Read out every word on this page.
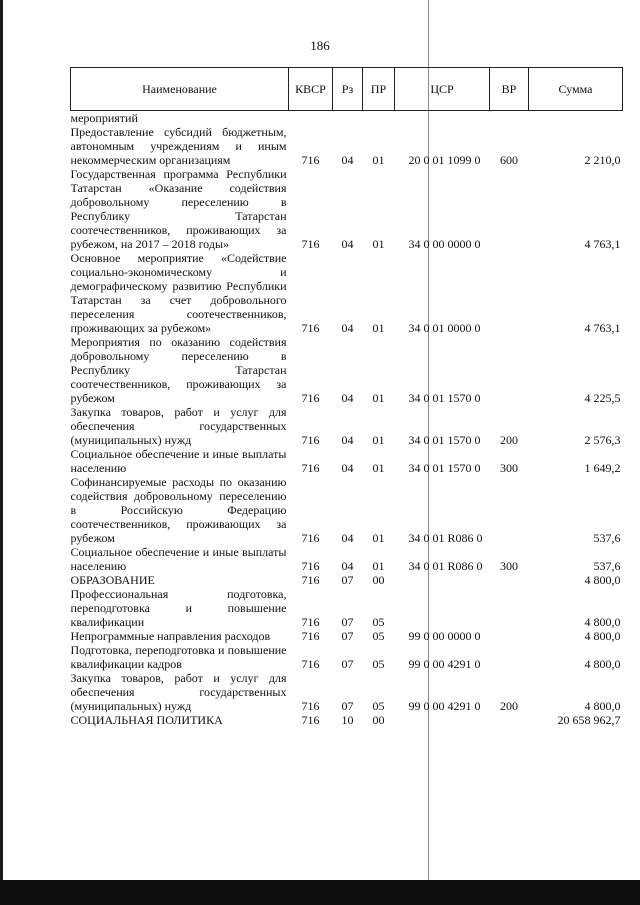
186
Наименование	КВСР	Рз	ПР	ЦСР	ВР	Сумма
мероприятий						
Предоставление субсидий бюджетным, автономным учреждениям и иным некоммерческим организациям	716	04	01	20 0 01 1099 0	600	2 210,0
Государственная программа Республики Татарстан «Оказание содействия добровольному переселению в Республику Татарстан соотечественников, проживающих за рубежом, на 2017 – 2018 годы»	716	04	01	34 0 00 0000 0		4 763,1
Основное мероприятие «Содействие социально-экономическому и демографическому развитию Республики Татарстан за счет добровольного переселения соотечественников, проживающих за рубежом»	716	04	01	34 0 01 0000 0		4 763,1
Мероприятия по оказанию содействия добровольному переселению в Республику Татарстан соотечественников, проживающих за рубежом	716	04	01	34 0 01 1570 0		4 225,5
Закупка товаров, работ и услуг для обеспечения государственных (муниципальных) нужд	716	04	01	34 0 01 1570 0	200	2 576,3
Социальное обеспечение и иные выплаты населению	716	04	01	34 0 01 1570 0	300	1 649,2
Софинансируемые расходы по оказанию содействия добровольному переселению в Российскую Федерацию соотечественников, проживающих за рубежом	716	04	01	34 0 01 R086 0		537,6
Социальное обеспечение и иные выплаты населению	716	04	01	34 0 01 R086 0	300	537,6
ОБРАЗОВАНИЕ	716	07	00			4 800,0
Профессиональная подготовка, переподготовка и повышение квалификации	716	07	05			4 800,0
Непрограммные направления расходов	716	07	05	99 0 00 0000 0		4 800,0
Подготовка, переподготовка и повышение квалификации кадров	716	07	05	99 0 00 4291 0		4 800,0
Закупка товаров, работ и услуг для обеспечения государственных (муниципальных) нужд	716	07	05	99 0 00 4291 0	200	4 800,0
СОЦИАЛЬНАЯ ПОЛИТИКА	716	10	00			20 658 962,7
